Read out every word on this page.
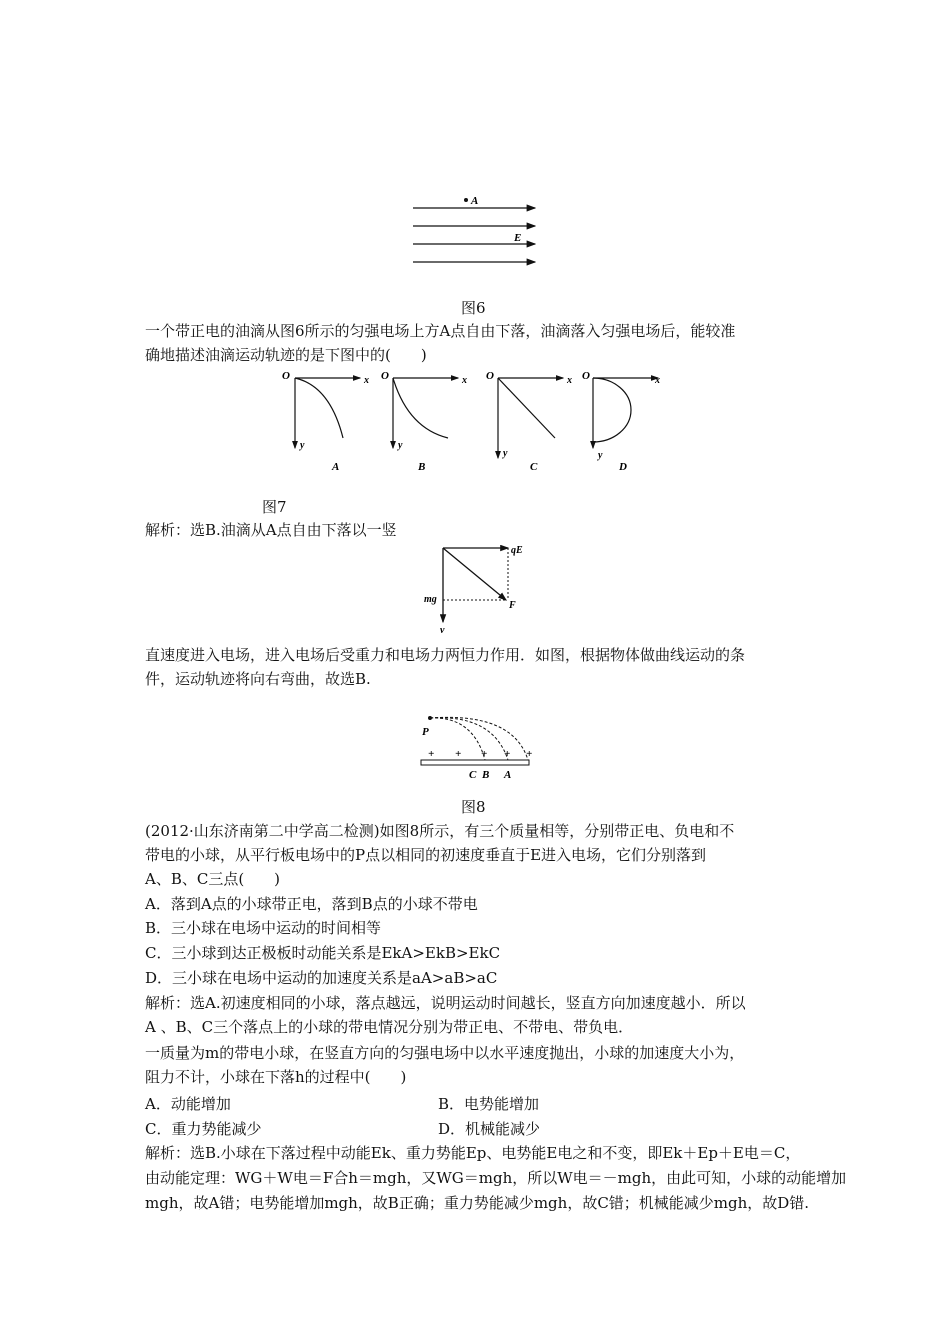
A
E
图6
一个带正电的油滴从图6所示的匀强电场上方A点自由下落，油滴落入匀强电场后，能较准
确地描述油滴运动轨迹的是下图中的(　　)
O	x
y
A
O	x
y
B
O	x
y
C
O	x
y
D
图7
解析：选B.油滴从A点自由下落以一竖
qE
mg
F
v
直速度进入电场，进入电场后受重力和电场力两恒力作用．如图，根据物体做曲线运动的条
件，运动轨迹将向右弯曲，故选B.
P
+ + + + +
C B A
图8
(2012·山东济南第二中学高二检测)如图8所示，有三个质量相等，分别带正电、负电和不
带电的小球，从平行板电场中的P点以相同的初速度垂直于E进入电场，它们分别落到
A、B、C三点(　　)
A．落到A点的小球带正电，落到B点的小球不带电
B．三小球在电场中运动的时间相等
C．三小球到达正极板时动能关系是EkA>EkB>EkC
D．三小球在电场中运动的加速度关系是aA>aB>aC
解析：选A.初速度相同的小球，落点越远，说明运动时间越长，竖直方向加速度越小．所以
A 、B、C三个落点上的小球的带电情况分别为带正电、不带电、带负电．
一质量为m的带电小球，在竖直方向的匀强电场中以水平速度抛出，小球的加速度大小为，
阻力不计，小球在下落h的过程中(　　)
A．动能增加	B．电势能增加
C．重力势能减少	D．机械能减少
解析：选B.小球在下落过程中动能Ek、重力势能Ep、电势能E电之和不变，即Ek＋Ep＋E电＝C，
由动能定理：WG＋W电＝F合h＝mgh，又WG＝mgh，所以W电＝－mgh，由此可知，小球的动能增加
mgh，故A错；电势能增加mgh，故B正确；重力势能减少mgh，故C错；机械能减少mgh，故D错.
